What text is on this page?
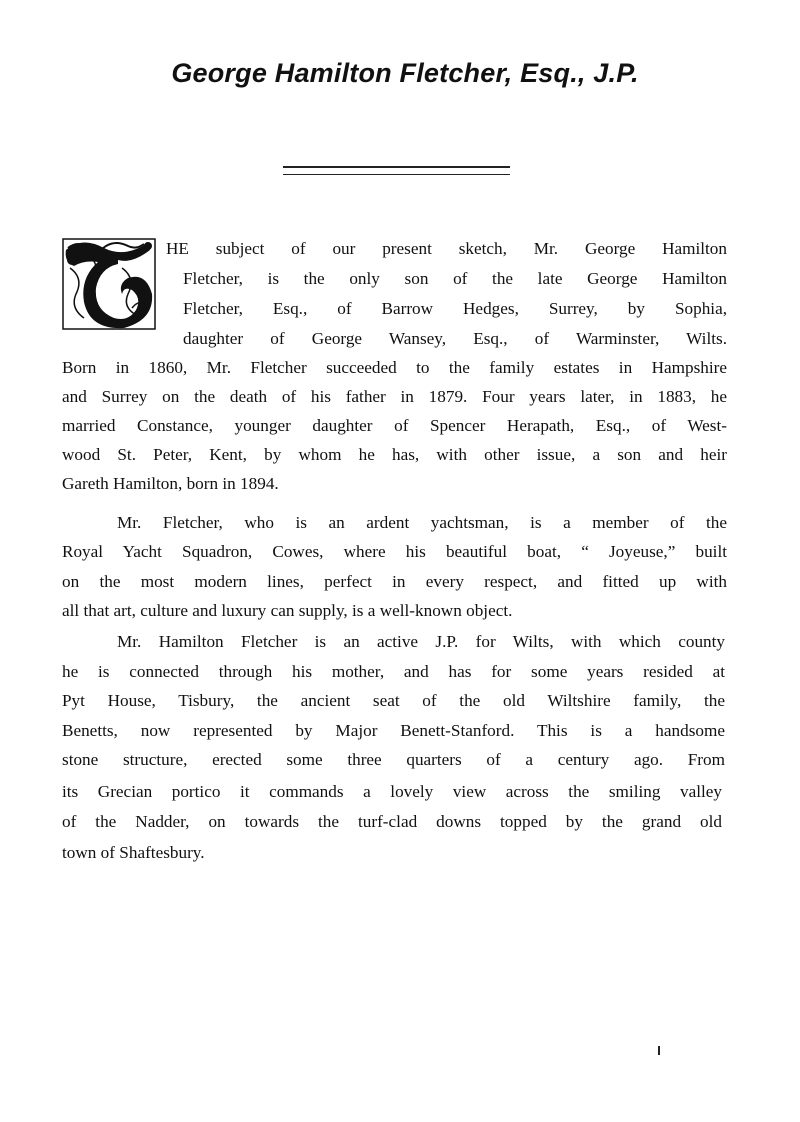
George Hamilton Fletcher, Esq., J.P.
HE subject of our present sketch, Mr. George Hamilton
Fletcher, is the only son of the late George Hamilton
Fletcher, Esq., of Barrow Hedges, Surrey, by Sophia,
daughter of George Wansey, Esq., of Warminster, Wilts.
Born in 1860, Mr. Fletcher succeeded to the family estates in Hampshire
and Surrey on the death of his father in 1879. Four years later, in 1883, he
married Constance, younger daughter of Spencer Herapath, Esq., of West-
wood St. Peter, Kent, by whom he has, with other issue, a son and heir
Gareth Hamilton, born in 1894.
Mr. Fletcher, who is an ardent yachtsman, is a member of the
Royal Yacht Squadron, Cowes, where his beautiful boat, “ Joyeuse,” built
on the most modern lines, perfect in every respect, and fitted up with
all that art, culture and luxury can supply, is a well-known object.
Mr. Hamilton Fletcher is an active J.P. for Wilts, with which county
he is connected through his mother, and has for some years resided at
Pyt House, Tisbury, the ancient seat of the old Wiltshire family, the
Benetts, now represented by Major Benett-Stanford. This is a handsome
stone structure, erected some three quarters of a century ago. From
its Grecian portico it commands a lovely view across the smiling valley
of the Nadder, on towards the turf-clad downs topped by the grand old
town of Shaftesbury.
